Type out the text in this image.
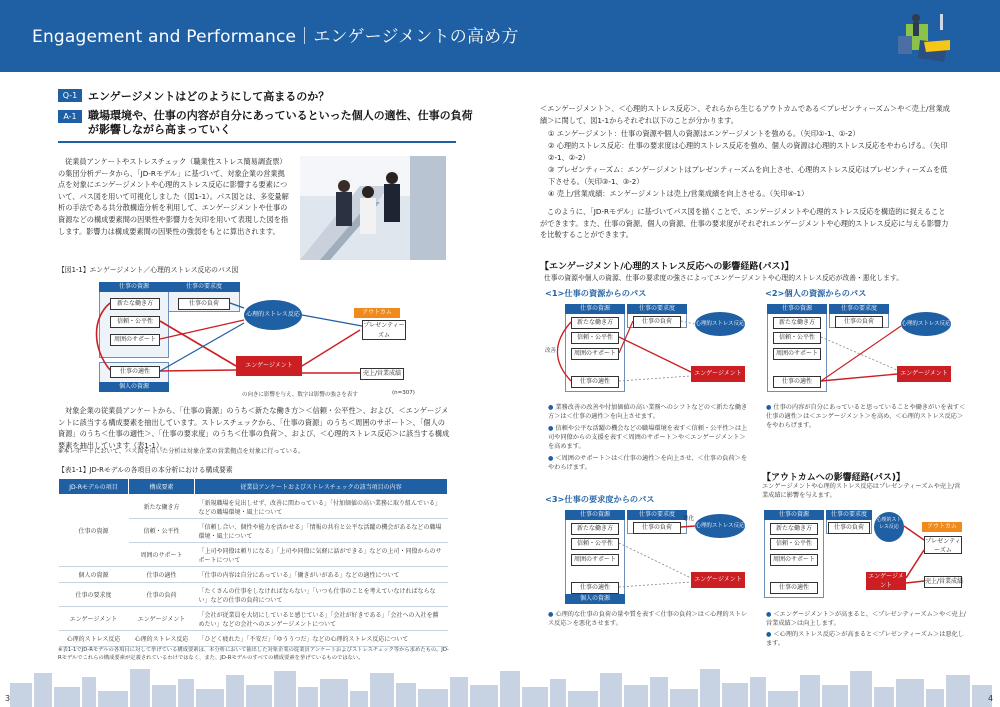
Engagement and Performance｜エンゲージメントの高め方
Q-1 エンゲージメントはどのようにして高まるのか？
A-1	職場環境や、仕事の内容が自分にあっているといった個人の適性、仕事の負荷
が影響しながら高まっていく
従業員アンケートやストレスチェック（職業性ストレス簡易調査票）の集団分析データから、「JD-Rモデル」に基づいて、対象企業の営業拠点を対象にエンゲージメントや心理的ストレス反応に影響する要素について、パス図を用いて可視化しました（図1-1）。パス図とは、多変量解析の手法である共分散構造分析を利用して、エンゲージメントや仕事の資源などの構成要素間の因果性や影響力を矢印を用いて表現した図を指します。影響力は構成要素間の因果性の強弱をもとに算出されます。
【図1-1】エンゲージメント／心理的ストレス反応のパス図
仕事の資源
新たな働き方
信頼・公平性
周囲のサポート
仕事の要求度
仕事の負荷
心理的ストレス反応
エンゲージメント
アウトカム
プレゼンティーズム
売上/営業成績
仕事の適性
個人の資源
の向きに影響を与え、数字は影響の強さを表す	(n=307)
対象企業の従業員アンケートから、「仕事の資源」のうち＜新たな働き方＞＜信頼・公平性＞、および、＜エンゲージメントに該当する構成要素を抽出しています。ストレスチェックから、「仕事の資源」のうち＜周囲のサポート＞、「個人の資源」のうち＜仕事の適性＞、「仕事の要求度」のうち＜仕事の負荷＞、および、＜心理的ストレス反応＞に該当する構成要素を抽出しています（表1-1）。
※本レポートにおいて、パス図を用いた分析は対象企業の営業拠点を対象に行っている。
【表1-1】JD-Rモデルの各項目の本分析における構成要素
JD-Rモデルの項目	構成要素	従業員アンケートおよびストレスチェックの該当項目の内容
仕事の資源	新たな働き方	「新規職場を見出しせず、改善に関わっている」「付加価値の高い業務に取り組んでいる」などの職場環境・風土について
	信頼・公平性	「信頼し合い、個性や能力を活かせる」「情報の共有と公平な活躍の機会があるなどの職場環境・風土について
	周囲のサポート	「上司や同僚は頼りになる」「上司や同僚に気軽に話ができる」などの上司・同僚からのサポートについて
個人の資源	仕事の適性	「仕事の内容は自分にあっている」「働きがいがある」などの適性について
仕事の要求度	仕事の負荷	「たくさんの仕事をしなければならない」「いつも仕事のことを考えていなければならない」などの仕事の負荷について
エンゲージメント	エンゲージメント	「会社が従業員を大切にしていると感じている」「会社が好きである」「会社への入社を薦めたい」などの会社へのエンゲージメントについて
心理的ストレス反応	心理的ストレス反応	「ひどく疲れた」「不安だ」「ゆううつだ」などの心理的ストレス反応について
※表1-1でJD-Rモデルの各項目に対して挙げている構成要素は、本分析において抽出した対象企業の従業員アンケートおよびストレスチェック等から求めたもの。JD-Rモデルでこれらの構成要素が定義されているわけではなく、また、JD-Rモデルのすべての構成要素を挙げているものではない。
＜エンゲージメント＞、＜心理的ストレス反応＞、それらから生じるアウトカムである＜プレゼンティーズム＞や＜売上/営業成績＞に関して、図1-1からそれぞれ以下のことが分かります。
① エンゲージメント：仕事の資源や個人の資源はエンゲージメントを強める。（矢印①-1、①-2）
② 心理的ストレス反応：仕事の要求度は心理的ストレス反応を強め、個人の資源は心理的ストレス反応をやわらげる。（矢印②-1、②-2）
③ プレゼンティーズム：エンゲージメントはプレゼンティーズムを向上させ、心理的ストレス反応はプレゼンティーズムを低下させる。（矢印③-1、③-2）
④ 売上/営業成績：エンゲージメントは売上/営業成績を向上させる。（矢印④-1）
このように、「JD-Rモデル」に基づいてパス図を描くことで、エンゲージメントや心理的ストレス反応を構造的に捉えることができます。また、仕事の資源、個人の資源、仕事の要求度がそれぞれエンゲージメントや心理的ストレス反応に与える影響力を比較することができます。
【エンゲージメント/心理的ストレス反応への影響経路(パス)】
仕事の資源や個人の資源、仕事の要求度の強さによってエンゲージメントや心理的ストレス反応が改善・悪化します。
<1>仕事の資源からのパス	<2>個人の資源からのパス
仕事の資源
新たな働き方
信頼・公平性
周囲のサポート
仕事の適性
仕事の要求度
仕事の負荷	心理的ストレス反応
エンゲージメント
改善
仕事の資源
新たな働き方
信頼・公平性
周囲のサポート
仕事の適性
仕事の要求度
仕事の負荷	心理的ストレス反応
エンゲージメント
● 業務改善の改善や付加価値の高い業務へのシフトなどの＜新たな働き方＞は＜仕事の適性＞を向上させます。
● 信頼や公平な活躍の機会などの職場環境を表す＜信頼・公平性＞は上司や同僚からの支援を表す＜周囲のサポート＞や＜エンゲージメント＞を高めます。
● ＜周囲のサポート＞は＜仕事の適性＞を向上させ、＜仕事の負荷＞をやわらげます。
● 仕事の内容が自分にあっていると思っていることや働きがいを表す＜仕事の適性＞は＜エンゲージメント＞を高め、＜心理的ストレス反応＞をやわらげます。
<3>仕事の要求度からのパス
【アウトカムへの影響経路(パス)】
エンゲージメントや心理的ストレス反応はプレゼンティーズムや売上/営業成績に影響を与えます。
仕事の資源
新たな働き方
信頼・公平性
周囲のサポート
仕事の適性
個人の資源
仕事の要求度
仕事の負荷	心理的ストレス反応
エンゲージメント
悪化
仕事の資源
新たな働き方
信頼・公平性
周囲のサポート
仕事の適性
仕事の要求度
仕事の負荷
心理的ストレス反応
エンゲージメント
アウトカム
プレゼンティーズム
売上/営業成績
● 心理的な仕事の負荷の量や質を表す＜仕事の負荷＞は＜心理的ストレス反応＞を悪化させます。
● ＜エンゲージメント＞が高まると、＜プレゼンティーズム＞や＜売上/営業成績＞は向上します。
● ＜心理的ストレス反応＞が高まると＜プレゼンティーズム＞は悪化します。
3	4
